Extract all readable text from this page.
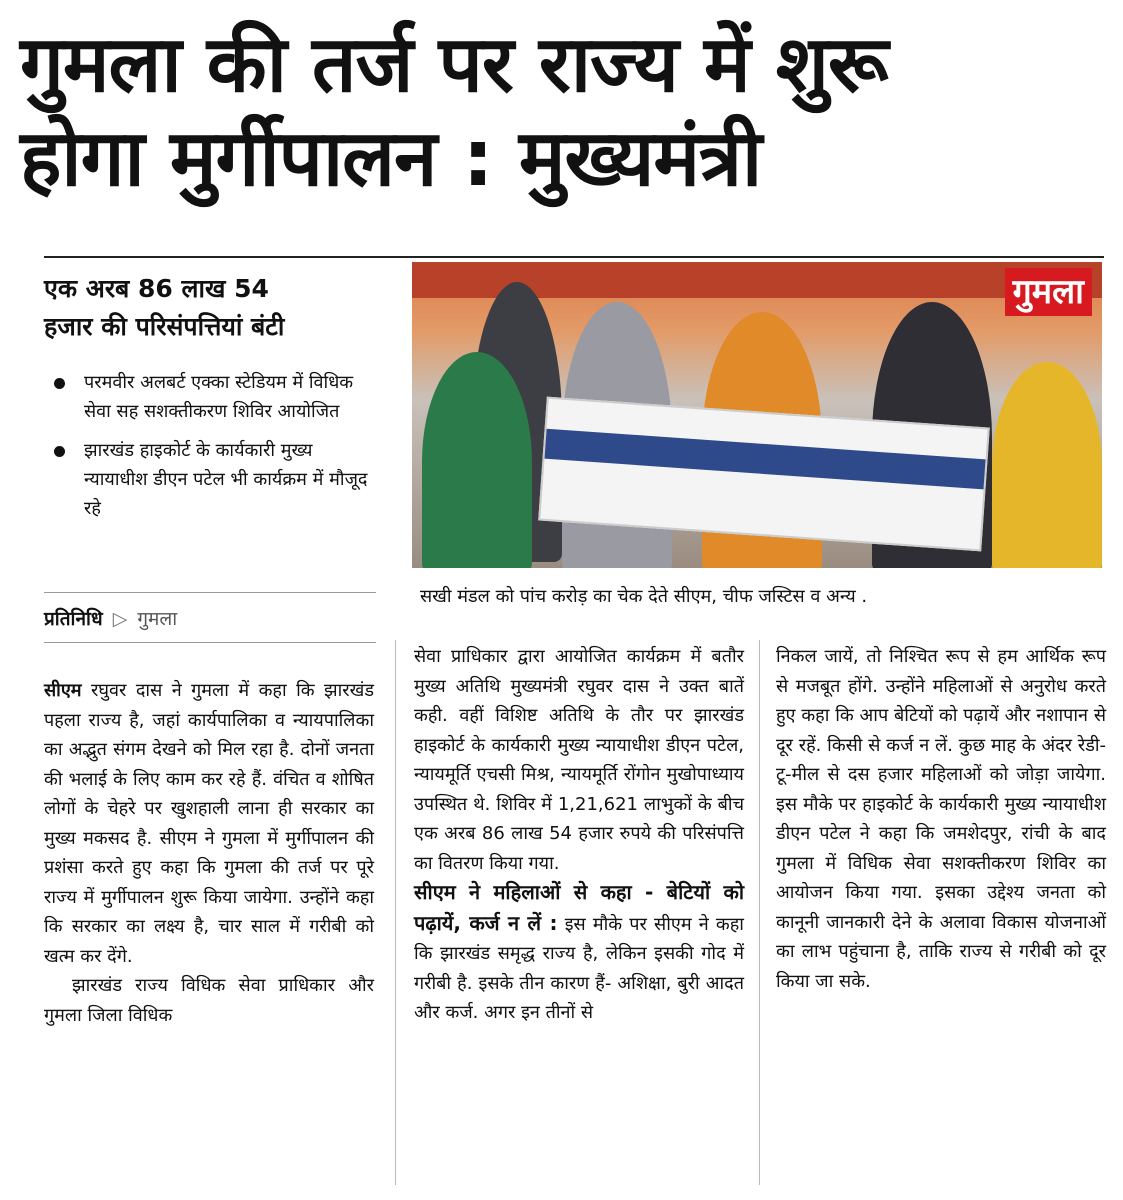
गुमला की तर्ज पर राज्य में शुरू
होगा मुर्गीपालन : मुख्यमंत्री
एक अरब 86 लाख 54
हजार की परिसंपत्तियां बंटी
परमवीर अलबर्ट एक्का स्टेडियम में विधिक सेवा सह सशक्तीकरण शिविर आयोजित
झारखंड हाइकोर्ट के कार्यकारी मुख्य न्यायाधीश डीएन पटेल भी कार्यक्रम में मौजूद रहे
प्रतिनिधि ▷ गुमला
गुमला
सखी मंडल को पांच करोड़ का चेक देते सीएम, चीफ जस्टिस व अन्य .
सीएम रघुवर दास ने गुमला में कहा कि झारखंड पहला राज्य है, जहां कार्यपालिका व न्यायपालिका का अद्भुत संगम देखने को मिल रहा है. दोनों जनता की भलाई के लिए काम कर रहे हैं. वंचित व शोषित लोगों के चेहरे पर खुशहाली लाना ही सरकार का मुख्य मकसद है. सीएम ने गुमला में मुर्गीपालन की प्रशंसा करते हुए कहा कि गुमला की तर्ज पर पूरे राज्य में मुर्गीपालन शुरू किया जायेगा. उन्होंने कहा कि सरकार का लक्ष्य है, चार साल में गरीबी को खत्म कर देंगे.
झारखंड राज्य विधिक सेवा प्राधिकार और गुमला जिला विधिक
सेवा प्राधिकार द्वारा आयोजित कार्यक्रम में बतौर मुख्य अतिथि मुख्यमंत्री रघुवर दास ने उक्त बातें कही. वहीं विशिष्ट अतिथि के तौर पर झारखंड हाइकोर्ट के कार्यकारी मुख्य न्यायाधीश डीएन पटेल, न्यायमूर्ति एचसी मिश्र, न्यायमूर्ति रोंगोन मुखोपाध्याय उपस्थित थे. शिविर में 1,21,621 लाभुकों के बीच एक अरब 86 लाख 54 हजार रुपये की परिसंपत्ति का वितरण किया गया.
सीएम ने महिलाओं से कहा - बेटियों को पढ़ायें, कर्ज न लें : इस मौके पर सीएम ने कहा कि झारखंड समृद्ध राज्य है, लेकिन इसकी गोद में गरीबी है. इसके तीन कारण हैं- अशिक्षा, बुरी आदत और कर्ज. अगर इन तीनों से
निकल जायें, तो निश्चित रूप से हम आर्थिक रूप से मजबूत होंगे. उन्होंने महिलाओं से अनुरोध करते हुए कहा कि आप बेटियों को पढ़ायें और नशापान से दूर रहें. किसी से कर्ज न लें. कुछ माह के अंदर रेडी-टू-मील से दस हजार महिलाओं को जोड़ा जायेगा. इस मौके पर हाइकोर्ट के कार्यकारी मुख्य न्यायाधीश डीएन पटेल ने कहा कि जमशेदपुर, रांची के बाद गुमला में विधिक सेवा सशक्तीकरण शिविर का आयोजन किया गया. इसका उद्देश्य जनता को कानूनी जानकारी देने के अलावा विकास योजनाओं का लाभ पहुंचाना है, ताकि राज्य से गरीबी को दूर किया जा सके.
